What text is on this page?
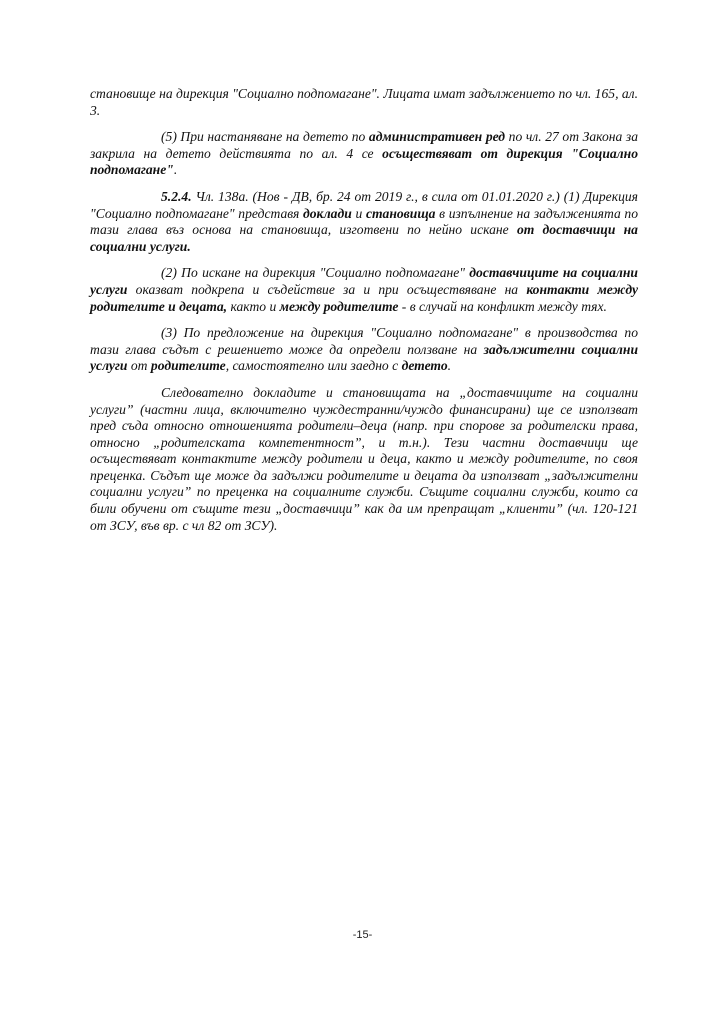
становище на дирекция "Социално подпомагане". Лицата имат задължението по чл. 165, ал. 3.

(5) При настаняване на детето по административен ред по чл. 27 от Закона за закрила на детето действията по ал. 4 се осъществяват от дирекция "Социално подпомагане".

5.2.4. Чл. 138а. (Нов - ДВ, бр. 24 от 2019 г., в сила от 01.01.2020 г.) (1) Дирекция "Социално подпомагане" представя доклади и становища в изпълнение на задълженията по тази глава въз основа на становища, изготвени по нейно искане от доставчици на социални услуги.

(2) По искане на дирекция "Социално подпомагане" доставчиците на социални услуги оказват подкрепа и съдействие за и при осъществяване на контакти между родителите и децата, както и между родителите - в случай на конфликт между тях.

(3) По предложение на дирекция "Социално подпомагане" в производства по тази глава съдът с решението може да определи ползване на задължителни социални услуги от родителите, самостоятелно или заедно с детето.

Следователно докладите и становищата на „доставчиците на социални услуги” (частни лица, включително чуждестранни/чуждо финансирани) ще се използват пред съда относно отношенията родители–деца (напр. при спорове за родителски права, относно „родителската компетентност”, и т.н.). Тези частни доставчици ще осъществяват контактите между родители и деца, както и между родителите, по своя преценка. Съдът ще може да задължи родителите и децата да използват „задължителни социални услуги” по преценка на социалните служби. Същите социални служби, които са били обучени от същите тези „доставчици” как да им препращат „клиенти” (чл. 120-121 от ЗСУ, във вр. с чл 82 от ЗСУ).

-15-
